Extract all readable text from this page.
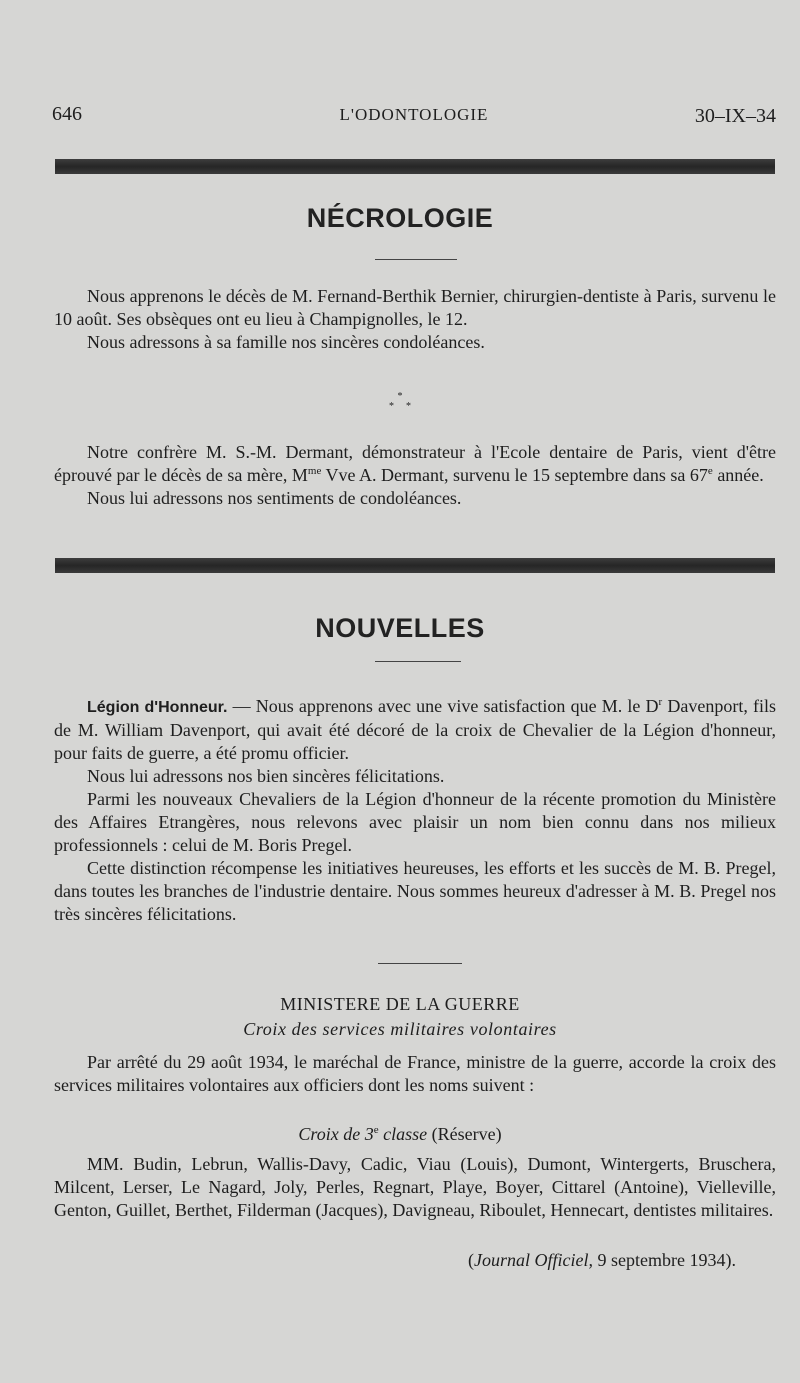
646	L'ODONTOLOGIE	30–IX–34
NÉCROLOGIE

Nous apprenons le décès de M. Fernand-Berthik Bernier, chirurgien-dentiste à Paris, survenu le 10 août. Ses obsèques ont eu lieu à Champignolles, le 12.

Nous adressons à sa famille nos sincères condoléances.

*
**

Notre confrère M. S.-M. Dermant, démonstrateur à l'Ecole dentaire de Paris, vient d'être éprouvé par le décès de sa mère, $M^{me}$ Vve A. Dermant, survenu le 15 septembre dans sa 67e année.

Nous lui adressons nos sentiments de condoléances.

NOUVELLES

Légion d'Honneur. — Nous apprenons avec une vive satisfaction que M. le $D^r$ Davenport, fils de M. William Davenport, qui avait été décoré de la croix de Chevalier de la Légion d'honneur, pour faits de guerre, a été promu officier.

Nous lui adressons nos bien sincères félicitations.

Parmi les nouveaux Chevaliers de la Légion d'honneur de la récente promotion du Ministère des Affaires Etrangères, nous relevons avec plaisir un nom bien connu dans nos milieux professionnels : celui de M. Boris Pregel.

Cette distinction récompense les initiatives heureuses, les efforts et les succès de M. B. Pregel, dans toutes les branches de l'industrie dentaire. Nous sommes heureux d'adresser à M. B. Pregel nos très sincères félicitations.

MINISTERE DE LA GUERRE
Croix des services militaires volontaires

Par arrêté du 29 août 1934, le maréchal de France, ministre de la guerre, accorde la croix des services militaires volontaires aux officiers dont les noms suivent :

Croix de 3e classe (Réserve)

MM. Budin, Lebrun, Wallis-Davy, Cadic, Viau (Louis), Dumont, Wintergerts, Bruschera, Milcent, Lerser, Le Nagard, Joly, Perles, Regnart, Playe, Boyer, Cittarel (Antoine), Vielleville, Genton, Guillet, Berthet, Filderman (Jacques), Davigneau, Riboulet, Hennecart, dentistes militaires.

(Journal Officiel, 9 septembre 1934).
